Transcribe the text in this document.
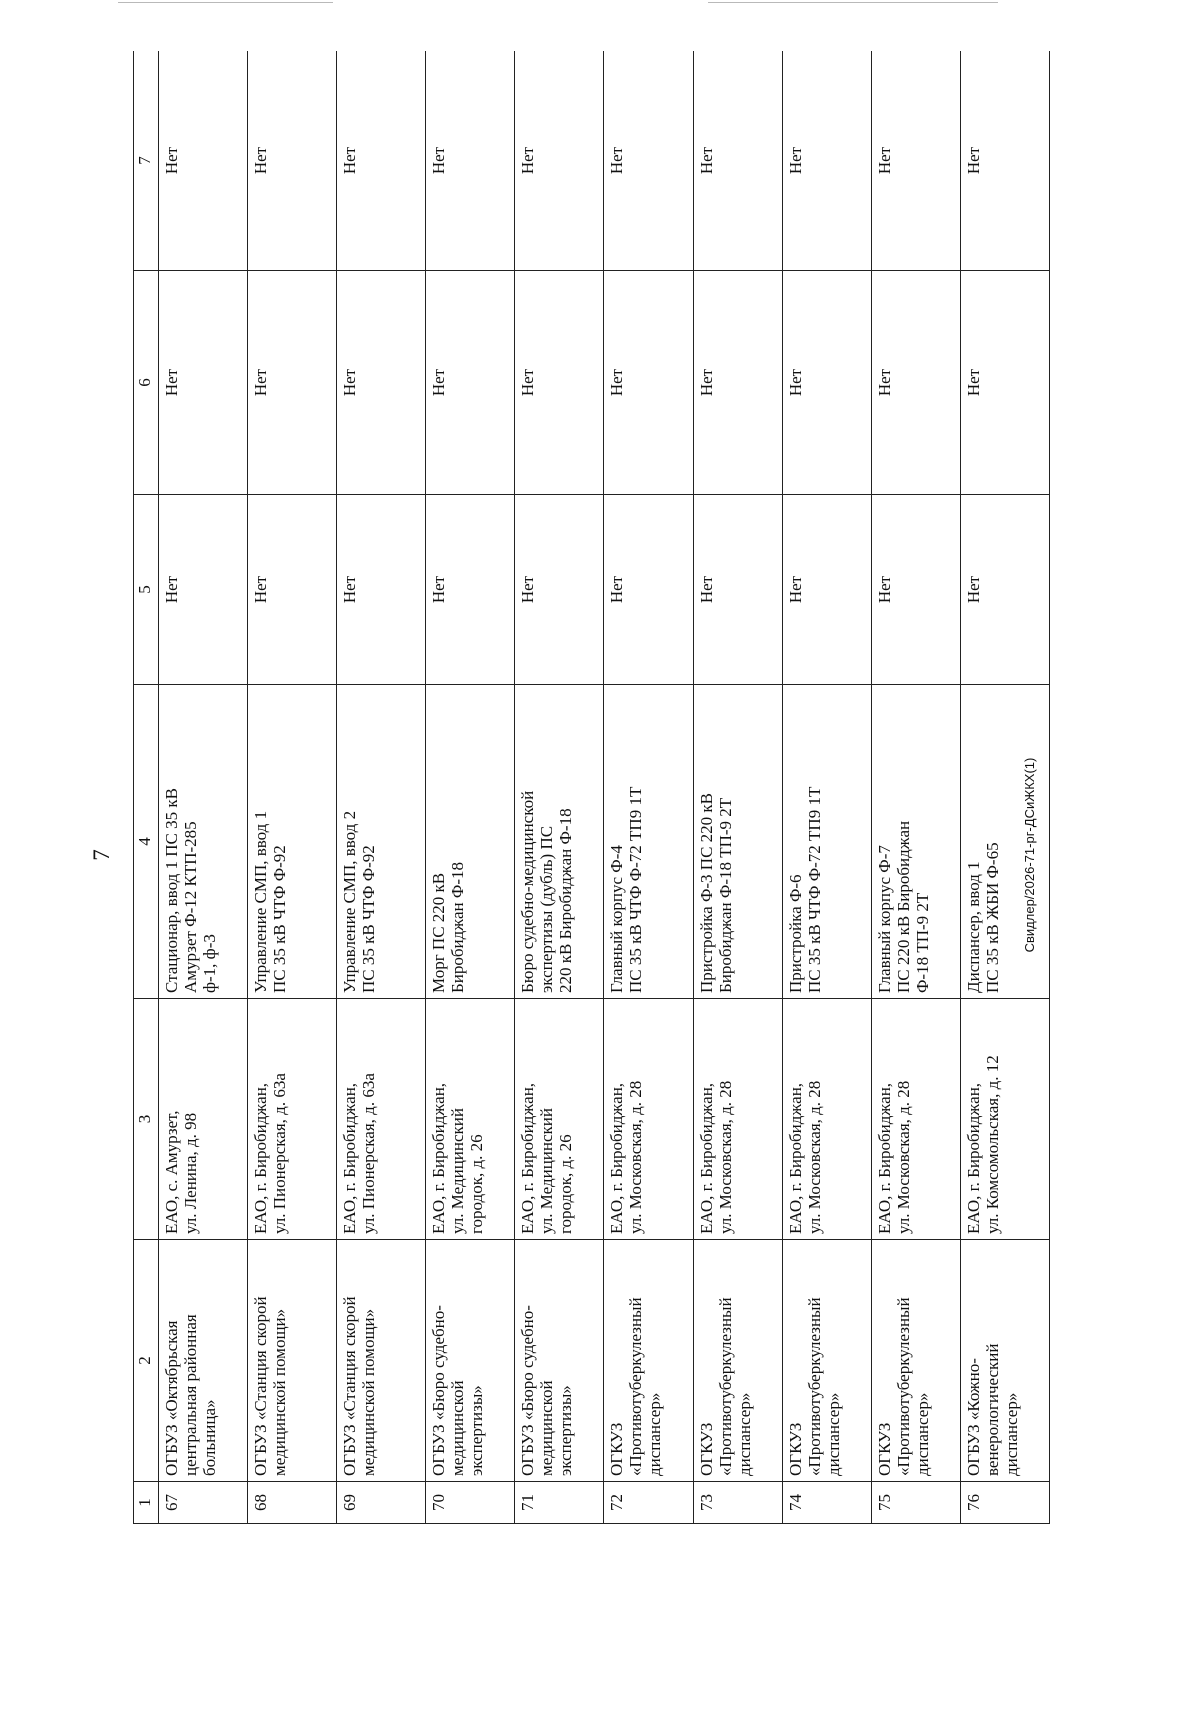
7
1	2	3	4	5	6	7

67	ОГБУЗ «Октябрьская
центральная районная
больница»	ЕАО, с. Амурзет,
ул. Ленина, д. 98	Стационар, ввод 1 ПС 35 кВ
Амурзет Ф-12 КТП-285
ф-1, ф-3	Нет	Нет	Нет

68	ОГБУЗ «Станция скорой
медицинской помощи»	ЕАО, г. Биробиджан,
ул. Пионерская, д. 63а	Управление СМП, ввод 1
ПС 35 кВ ЧТФ Ф-92	Нет	Нет	Нет

69	ОГБУЗ «Станция скорой
медицинской помощи»	ЕАО, г. Биробиджан,
ул. Пионерская, д. 63а	Управление СМП, ввод 2
ПС 35 кВ ЧТФ Ф-92	Нет	Нет	Нет

70	ОГБУЗ «Бюро судебно-
медицинской
экспертизы»	ЕАО, г. Биробиджан,
ул. Медицинский
городок, д. 26	Морг ПС 220 кВ
Биробиджан Ф-18	Нет	Нет	Нет

71	ОГБУЗ «Бюро судебно-
медицинской
экспертизы»	ЕАО, г. Биробиджан,
ул. Медицинский
городок, д. 26	Бюро судебно-медицинской
экспертизы (дубль) ПС
220 кВ Биробиджан Ф-18	Нет	Нет	Нет

72	ОГКУЗ
«Противотуберкулезный
диспансер»	ЕАО, г. Биробиджан,
ул. Московская, д. 28	Главный корпус Ф-4
ПС 35 кВ ЧТФ Ф-72 ТП9 1Т	Нет	Нет	Нет

73	ОГКУЗ
«Противотуберкулезный
диспансер»	ЕАО, г. Биробиджан,
ул. Московская, д. 28	Пристройка Ф-3 ПС 220 кВ
Биробиджан Ф-18 ТП-9 2Т	Нет	Нет	Нет

74	ОГКУЗ
«Противотуберкулезный
диспансер»	ЕАО, г. Биробиджан,
ул. Московская, д. 28	Пристройка Ф-6
ПС 35 кВ ЧТФ Ф-72 ТП9 1Т	Нет	Нет	Нет

75	ОГКУЗ
«Противотуберкулезный
диспансер»	ЕАО, г. Биробиджан,
ул. Московская, д. 28	Главный корпус Ф-7
ПС 220 кВ Биробиджан
Ф-18 ТП-9 2Т	Нет	Нет	Нет

76	ОГБУЗ «Кожно-
венерологический
диспансер»	ЕАО, г. Биробиджан,
ул. Комсомольская, д. 12	Диспансер, ввод 1
ПС 35 кВ ЖБИ Ф-65	Нет	Нет	Нет
Свидлер/2026-71-рг-ДСиЖКХ(1)
